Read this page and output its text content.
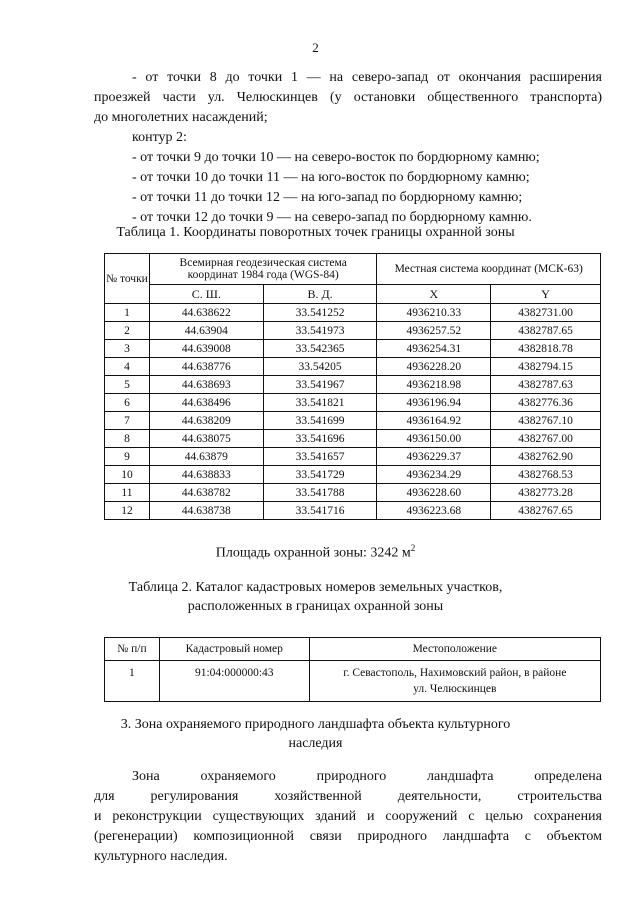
2

- от точки 8 до точки 1 — на северо-запад от окончания расширения

проезжей части ул. Челюскинцев (у остановки общественного транспорта)

до многолетних насаждений;

контур 2:

- от точки 9 до точки 10 — на северо-восток по бордюрному камню;

- от точки 10 до точки 11 — на юго-восток по бордюрному камню;

- от точки 11 до точки 12 — на юго-запад по бордюрному камню;

- от точки 12 до точки 9 — на северо-запад по бордюрному камню.

Таблица 1. Координаты поворотных точек границы охранной зоны
№ точки	Всемирная геодезическая система
координат 1984 года (WGS-84)		Местная система координат (МСК-63)	
	С. Ш.	В. Д.	X	Y
1	44.638622	33.541252	4936210.33	4382731.00
2	44.63904	33.541973	4936257.52	4382787.65
3	44.639008	33.542365	4936254.31	4382818.78
4	44.638776	33.54205	4936228.20	4382794.15
5	44.638693	33.541967	4936218.98	4382787.63
6	44.638496	33.541821	4936196.94	4382776.36
7	44.638209	33.541699	4936164.92	4382767.10
8	44.638075	33.541696	4936150.00	4382767.00
9	44.63879	33.541657	4936229.37	4382762.90
10	44.638833	33.541729	4936234.29	4382768.53
11	44.638782	33.541788	4936228.60	4382773.28
12	44.638738	33.541716	4936223.68	4382767.65
Площадь охранной зоны: 3242 $м^2$
Таблица 2. Каталог кадастровых номеров земельных участков,
расположенных в границах охранной зоны
№ п/п	Кадастровый номер	Местоположение
1	91:04:000000:43	г. Севастополь, Нахимовский район, в районе
ул. Челюскинцев
3. Зона охраняемого природного ландшафта объекта культурного
наследия

Зона охраняемого природного ландшафта определена

для регулирования хозяйственной деятельности, строительства

и реконструкции существующих зданий и сооружений с целью сохранения

(регенерации) композиционной связи природного ландшафта с объектом

культурного наследия.
